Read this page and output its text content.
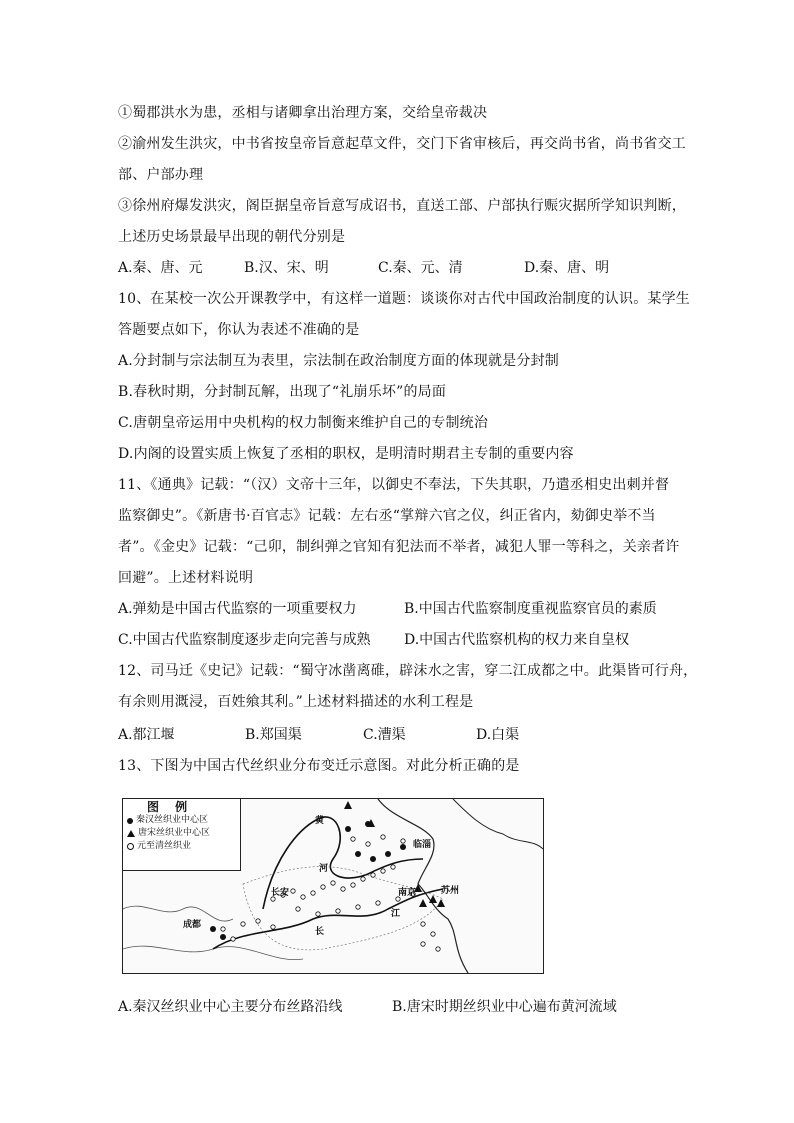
①蜀郡洪水为患，丞相与诸卿拿出治理方案，交给皇帝裁决
②渝州发生洪灾，中书省按皇帝旨意起草文件，交门下省审核后，再交尚书省，尚书省交工
部、户部办理
③徐州府爆发洪灾，阁臣据皇帝旨意写成诏书，直送工部、户部执行赈灾据所学知识判断，
上述历史场景最早出现的朝代分别是
A.秦、唐、元	B.汉、宋、明	C.秦、元、清	D.秦、唐、明
10、在某校一次公开课教学中，有这样一道题：谈谈你对古代中国政治制度的认识。某学生
答题要点如下，你认为表述不准确的是
A.分封制与宗法制互为表里，宗法制在政治制度方面的体现就是分封制
B.春秋时期，分封制瓦解，出现了“礼崩乐坏”的局面
C.唐朝皇帝运用中央机构的权力制衡来维护自己的专制统治
D.内阁的设置实质上恢复了丞相的职权，是明清时期君主专制的重要内容
11、《通典》记载：“（汉）文帝十三年，以御史不奉法，下失其职，乃遣丞相史出刺并督
监察御史”。《新唐书·百官志》记载：左右丞“掌辩六官之仪，纠正省内，劾御史举不当
者”。《金史》记载：“己卯，制纠弹之官知有犯法而不举者，减犯人罪一等科之，关亲者许
回避”。上述材料说明
A.弹劾是中国古代监察的一项重要权力	B.中国古代监察制度重视监察官员的素质
C.中国古代监察制度逐步走向完善与成熟 D.中国古代监察机构的权力来自皇权
12、司马迁《史记》记载：“蜀守冰凿离碓，辟沫水之害，穿二江成都之中。此渠皆可行舟，
有余则用溉浸，百姓飨其利。”上述材料描述的水利工程是
A.都江堰	B.郑国渠	C.漕渠	D.白渠
13、下图为中国古代丝织业分布变迁示意图。对此分析正确的是
图 例
秦汉丝织业中心区
唐宋丝织业中心区
元至清丝织业
黄
河
长安
成都
长
江
南京	苏州
临淄
A.秦汉丝织业中心主要分布丝路沿线	B.唐宋时期丝织业中心遍布黄河流域
